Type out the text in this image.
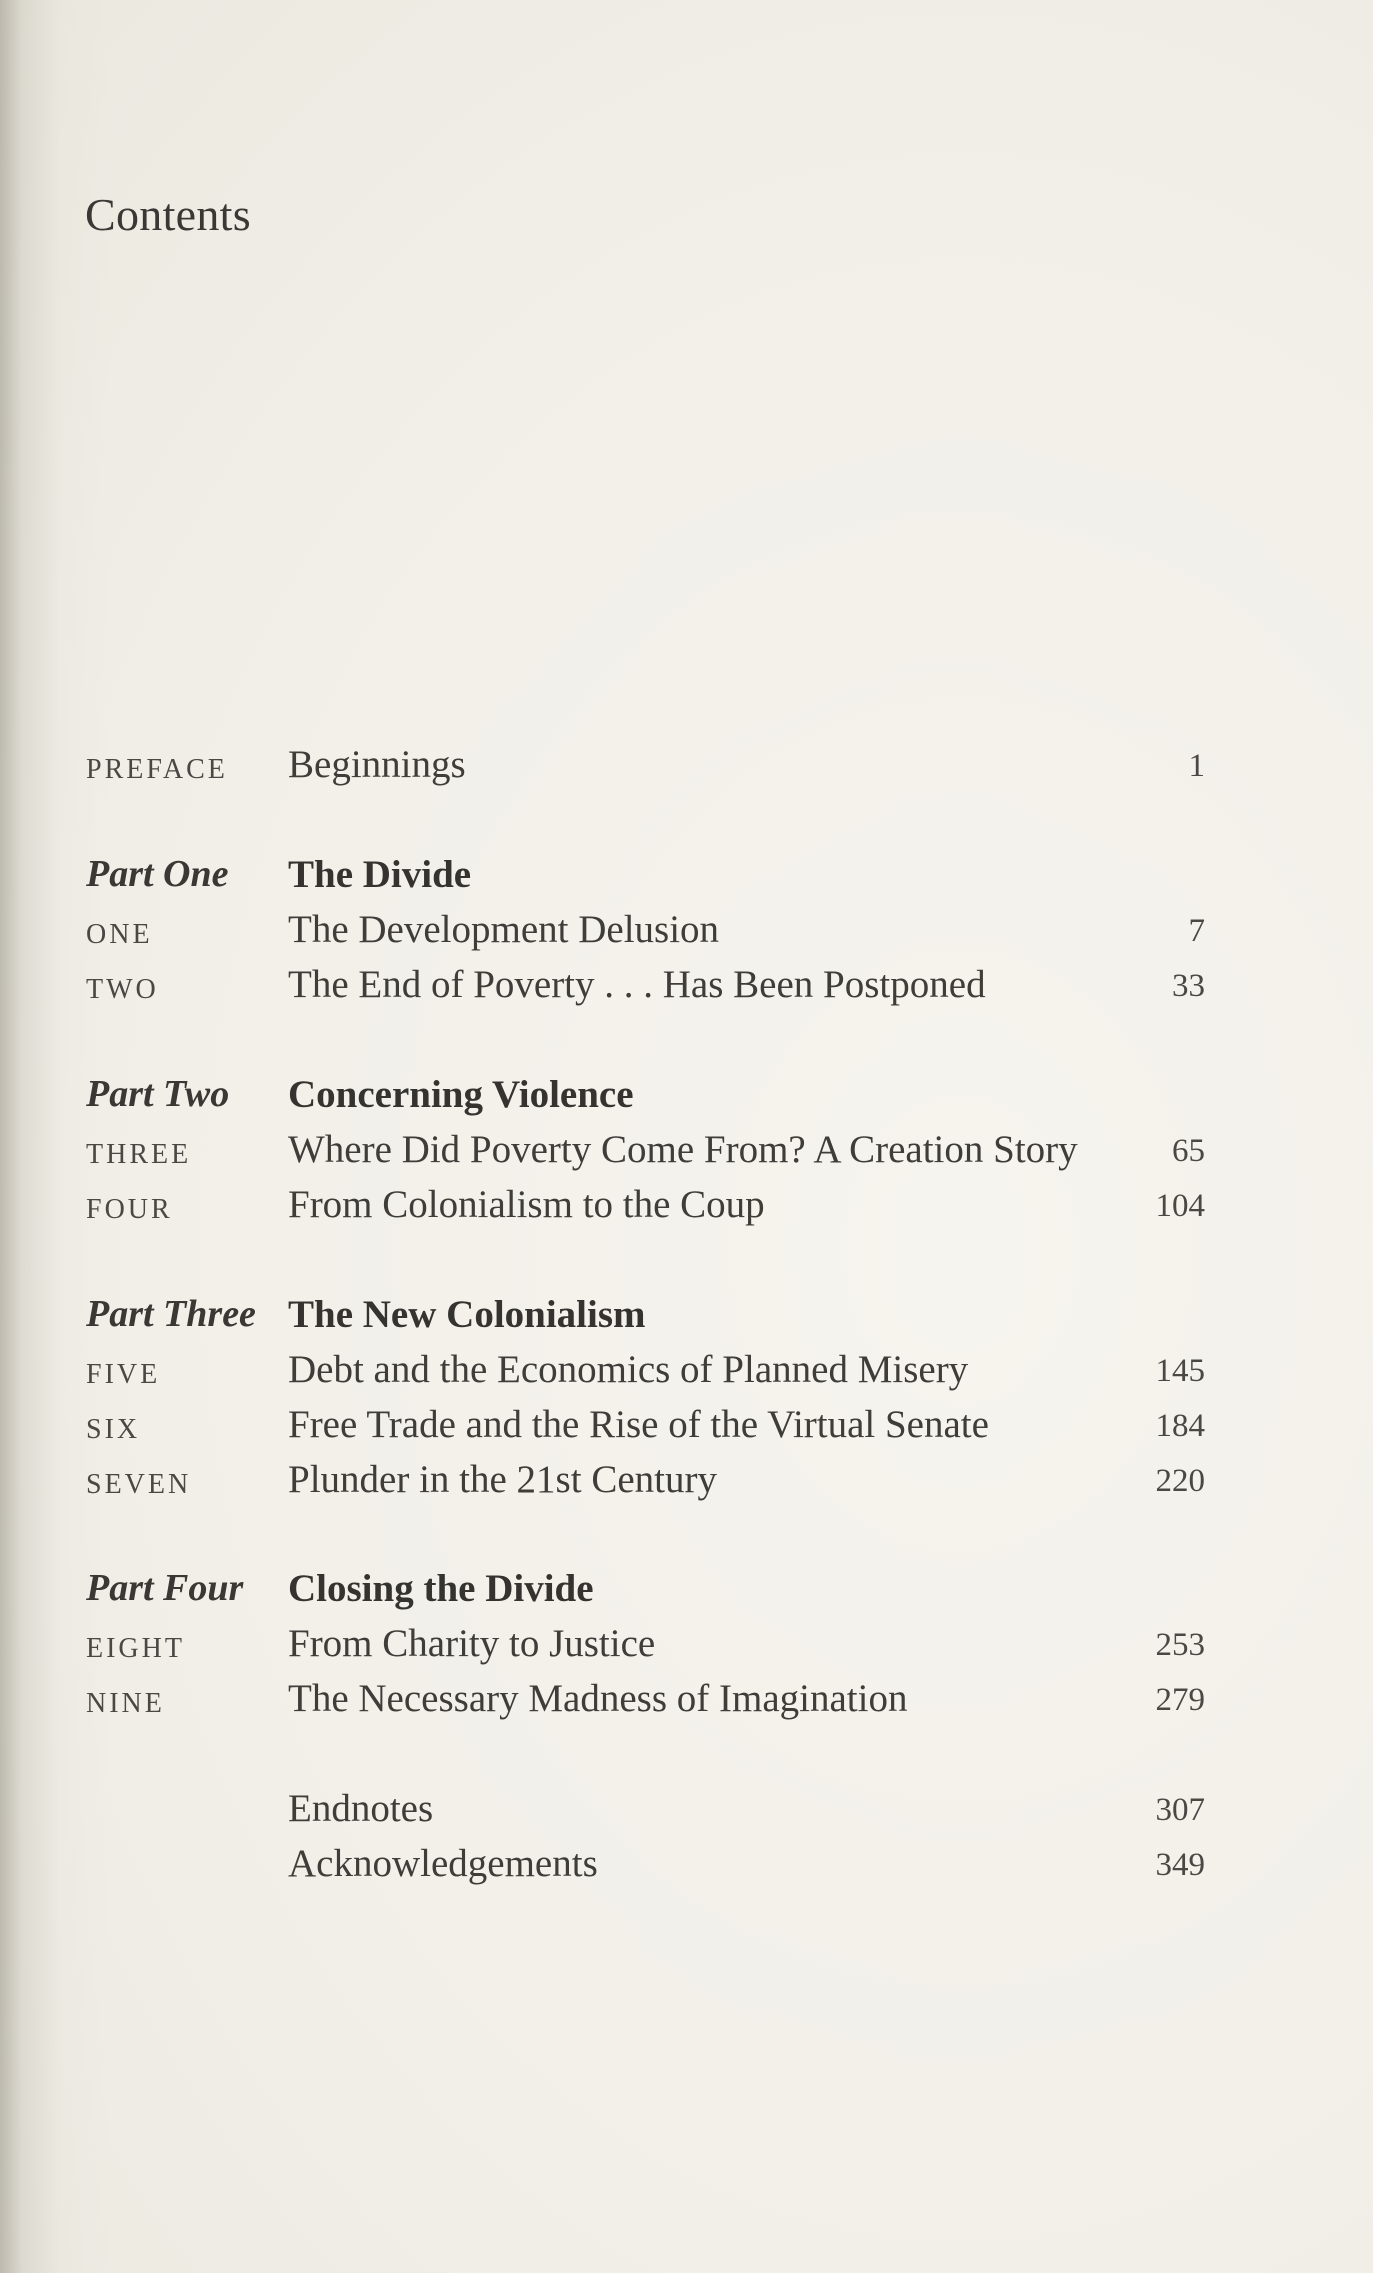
Contents
PREFACE Beginnings	1
Part One The Divide
ONE	The Development Delusion	7
TWO	The End of Poverty . . . Has Been Postponed	33
Part Two Concerning Violence
THREE Where Did Poverty Come From? A Creation Story	65
FOUR	From Colonialism to the Coup	104
Part Three The New Colonialism
FIVE	Debt and the Economics of Planned Misery	145
SIX	Free Trade and the Rise of the Virtual Senate	184
SEVEN Plunder in the 21st Century	220
Part Four Closing the Divide
EIGHT	From Charity to Justice	253
NINE	The Necessary Madness of Imagination	279
Endnotes	307
Acknowledgements	349
